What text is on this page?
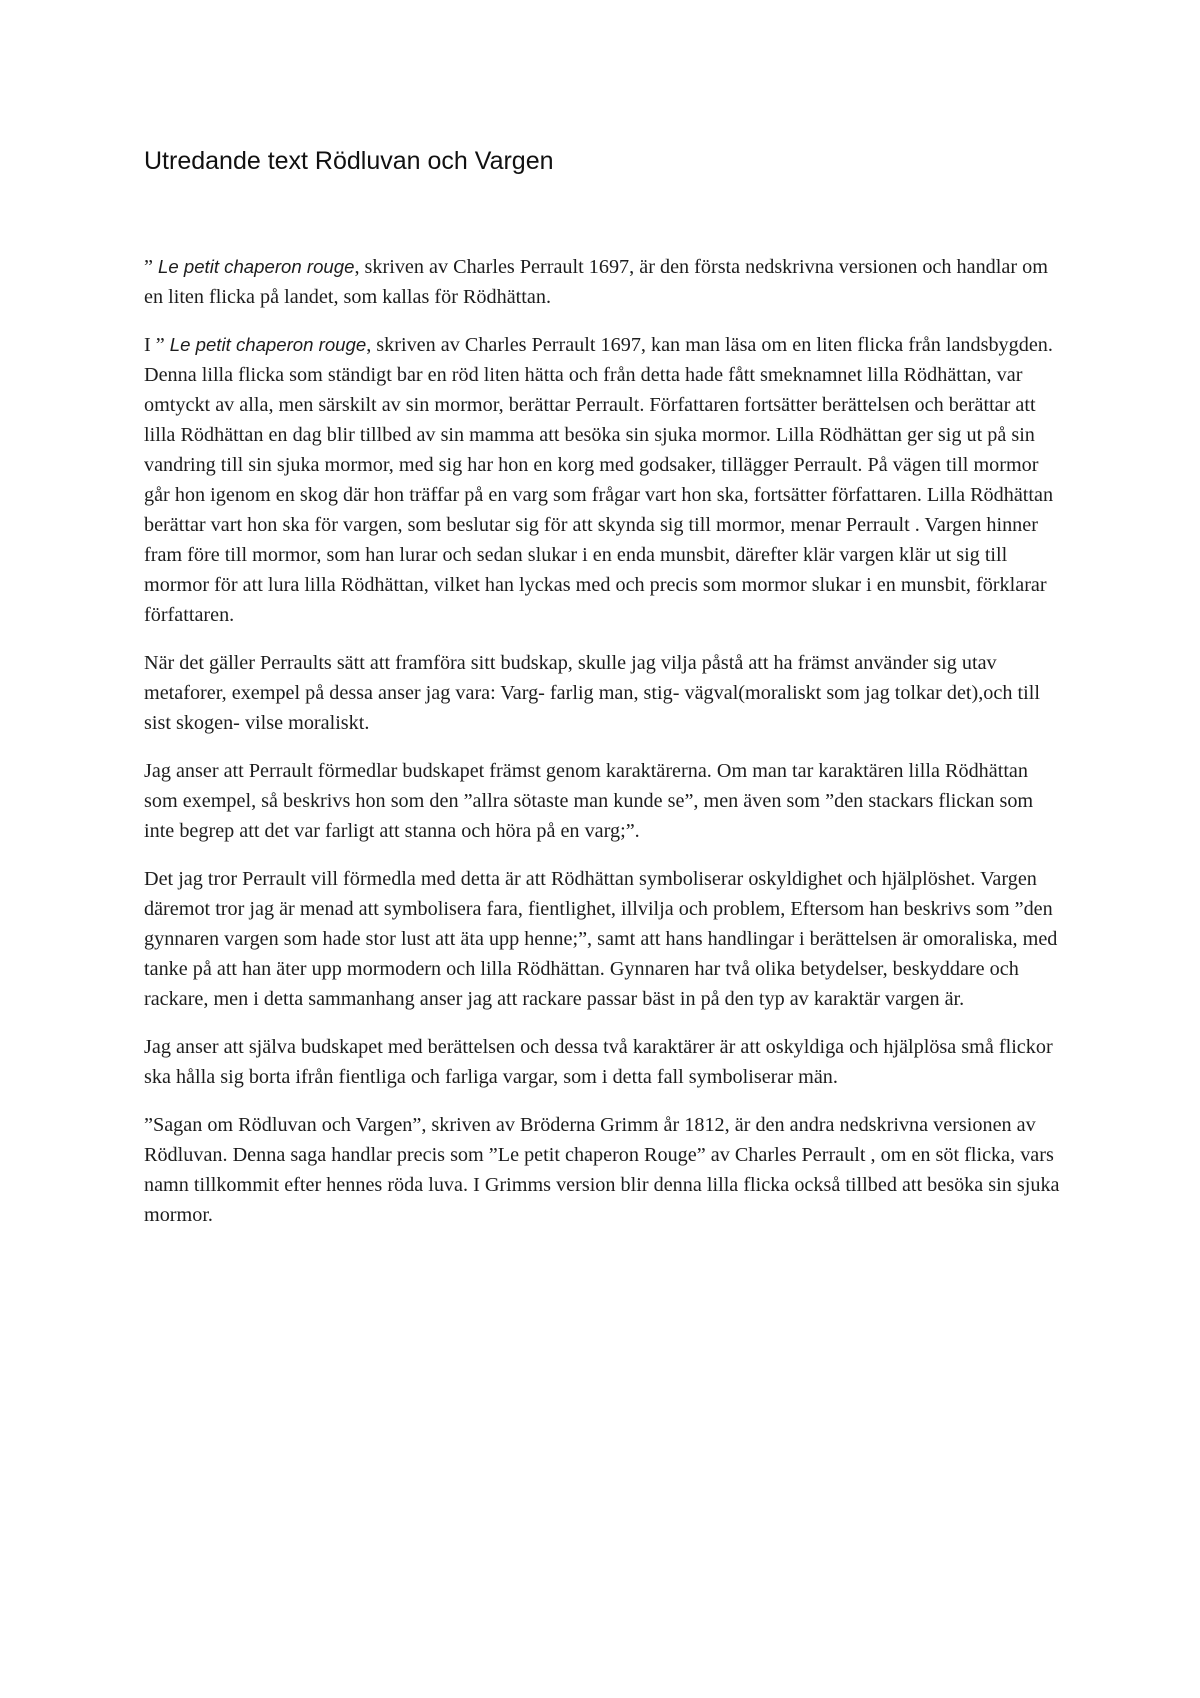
Utredande text Rödluvan och Vargen

” Le petit chaperon rouge, skriven av Charles Perrault 1697, är den första nedskrivna versionen och handlar om en liten flicka på landet, som kallas för Rödhättan.

I ” Le petit chaperon rouge, skriven av Charles Perrault 1697, kan man läsa om en liten flicka från landsbygden. Denna lilla flicka som ständigt bar en röd liten hätta och från detta hade fått smeknamnet lilla Rödhättan, var omtyckt av alla, men särskilt av sin mormor, berättar Perrault. Författaren fortsätter berättelsen och berättar att lilla Rödhättan en dag blir tillbed av sin mamma att besöka sin sjuka mormor. Lilla Rödhättan ger sig ut på sin vandring till sin sjuka mormor, med sig har hon en korg med godsaker, tillägger Perrault. På vägen till mormor går hon igenom en skog där hon träffar på en varg som frågar vart hon ska, fortsätter författaren. Lilla Rödhättan berättar vart hon ska för vargen, som beslutar sig för att skynda sig till mormor, menar Perrault . Vargen hinner fram före till mormor, som han lurar och sedan slukar i en enda munsbit, därefter klär vargen klär ut sig till mormor för att lura lilla Rödhättan, vilket han lyckas med och precis som mormor slukar i en munsbit, förklarar författaren.

När det gäller Perraults sätt att framföra sitt budskap, skulle jag vilja påstå att ha främst använder sig utav metaforer, exempel på dessa anser jag vara: Varg- farlig man, stig- vägval(moraliskt som jag tolkar det),och till sist skogen- vilse moraliskt.

Jag anser att Perrault förmedlar budskapet främst genom karaktärerna. Om man tar karaktären lilla Rödhättan som exempel, så beskrivs hon som den ”allra sötaste man kunde se”, men även som ”den stackars flickan som inte begrep att det var farligt att stanna och höra på en varg;”.

Det jag tror Perrault vill förmedla med detta är att Rödhättan symboliserar oskyldighet och hjälplöshet. Vargen däremot tror jag är menad att symbolisera fara, fientlighet, illvilja och problem, Eftersom han beskrivs som ”den gynnaren vargen som hade stor lust att äta upp henne;”, samt att hans handlingar i berättelsen är omoraliska, med tanke på att han äter upp mormodern och lilla Rödhättan. Gynnaren har två olika betydelser, beskyddare och rackare, men i detta sammanhang anser jag att rackare passar bäst in på den typ av karaktär vargen är.

Jag anser att själva budskapet med berättelsen och dessa två karaktärer är att oskyldiga och hjälplösa små flickor ska hålla sig borta ifrån fientliga och farliga vargar, som i detta fall symboliserar män.

”Sagan om Rödluvan och Vargen”, skriven av Bröderna Grimm år 1812, är den andra nedskrivna versionen av Rödluvan. Denna saga handlar precis som ”Le petit chaperon Rouge” av Charles Perrault , om en söt flicka, vars namn tillkommit efter hennes röda luva. I Grimms version blir denna lilla flicka också tillbed att besöka sin sjuka mormor.
